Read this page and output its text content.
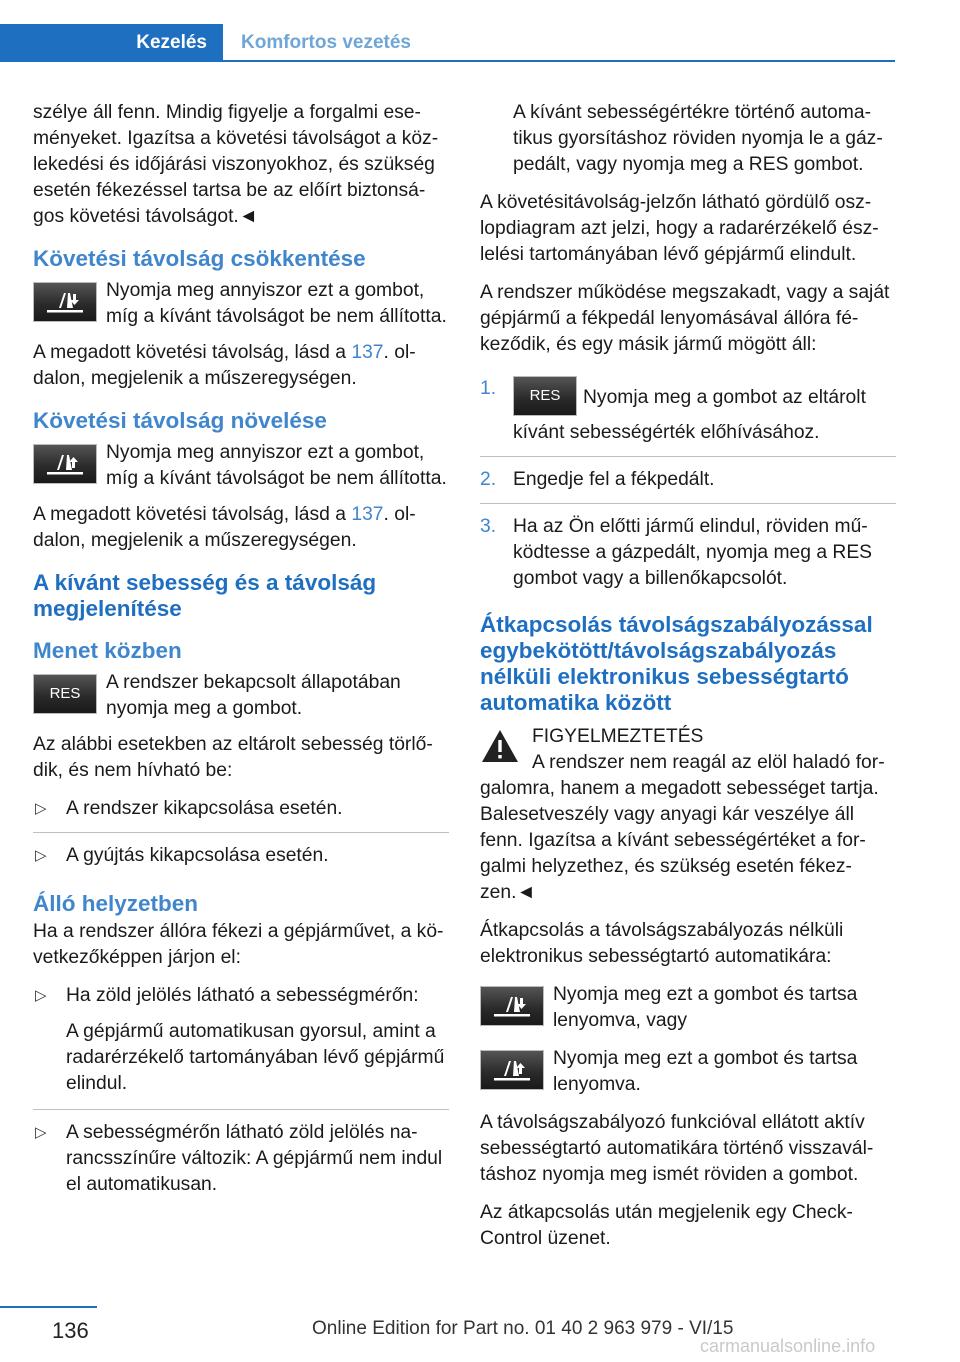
Kezelés Komfortos vezetés

szélye áll fenn. Mindig figyelje a forgalmi eseményeket. Igazítsa a követési távolságot a közlekedési és időjárási viszonyokhoz, és szükség esetén fékezéssel tartsa be az előírt biztonságos követési távolságot.◄

Követési távolság csökkentése
Nyomja meg annyiszor ezt a gombot, míg a kívánt távolságot be nem állította.

A megadott követési távolság, lásd a 137. oldalon, megjelenik a műszeregységen.

Követési távolság növelése
Nyomja meg annyiszor ezt a gombot, míg a kívánt távolságot be nem állította.

A megadott követési távolság, lásd a 137. oldalon, megjelenik a műszeregységen.

A kívánt sebesség és a távolság megjelenítése
Menet közben
RES
A rendszer bekapcsolt állapotában nyomja meg a gombot.

Az alábbi esetekben az eltárolt sebesség törlődik, és nem hívható be:

▷ A rendszer kikapcsolása esetén.
▷ A gyújtás kikapcsolása esetén.
Álló helyzetben

Ha a rendszer állóra fékezi a gépjárművet, a következőképpen járjon el:

▷ Ha zöld jelölés látható a sebességmérőn:

A gépjármű automatikusan gyorsul, amint a radarérzékelő tartományában lévő gépjármű elindul.

▷ A sebességmérőn látható zöld jelölés narancsszínűre változik: A gépjármű nem indul el automatikusan.

A kívánt sebességértékre történő automatikus gyorsításhoz röviden nyomja le a gázpedált, vagy nyomja meg a RES gombot.

A követésitávolság-jelzőn látható gördülő oszlopdiagram azt jelzi, hogy a radarérzékelő észlelési tartományában lévő gépjármű elindult.

A rendszer működése megszakadt, vagy a saját gépjármű a fékpedál lenyomásával állóra fékeződik, és egy másik jármű mögött áll:

1. RES Nyomja meg a gombot az eltárolt kívánt sebességérték előhívásához.
2. Engedje fel a fékpedált.
3. Ha az Ön előtti jármű elindul, röviden működtesse a gázpedált, nyomja meg a RES gombot vagy a billenőkapcsolót.
Átkapcsolás távolságszabályozással egybekötött/távolságszabályozás nélküli elektronikus sebességtartó automatika között
FIGYELMEZTETÉS
A rendszer nem reagál az elöl haladó forgalomra, hanem a megadott sebességet tartja. Balesetveszély vagy anyagi kár veszélye áll fenn. Igazítsa a kívánt sebességértéket a forgalmi helyzethez, és szükség esetén fékezzen.◄

Átkapcsolás a távolságszabályozás nélküli elektronikus sebességtartó automatikára:

Nyomja meg ezt a gombot és tartsa lenyomva, vagy
Nyomja meg ezt a gombot és tartsa lenyomva.

A távolságszabályozó funkcióval ellátott aktív sebességtartó automatikára történő visszaváltáshoz nyomja meg ismét röviden a gombot.

Az átkapcsolás után megjelenik egy Check-Control üzenet.

136	Online Edition for Part no. 01 40 2 963 979 - VI/15
carmanualsonline.info
